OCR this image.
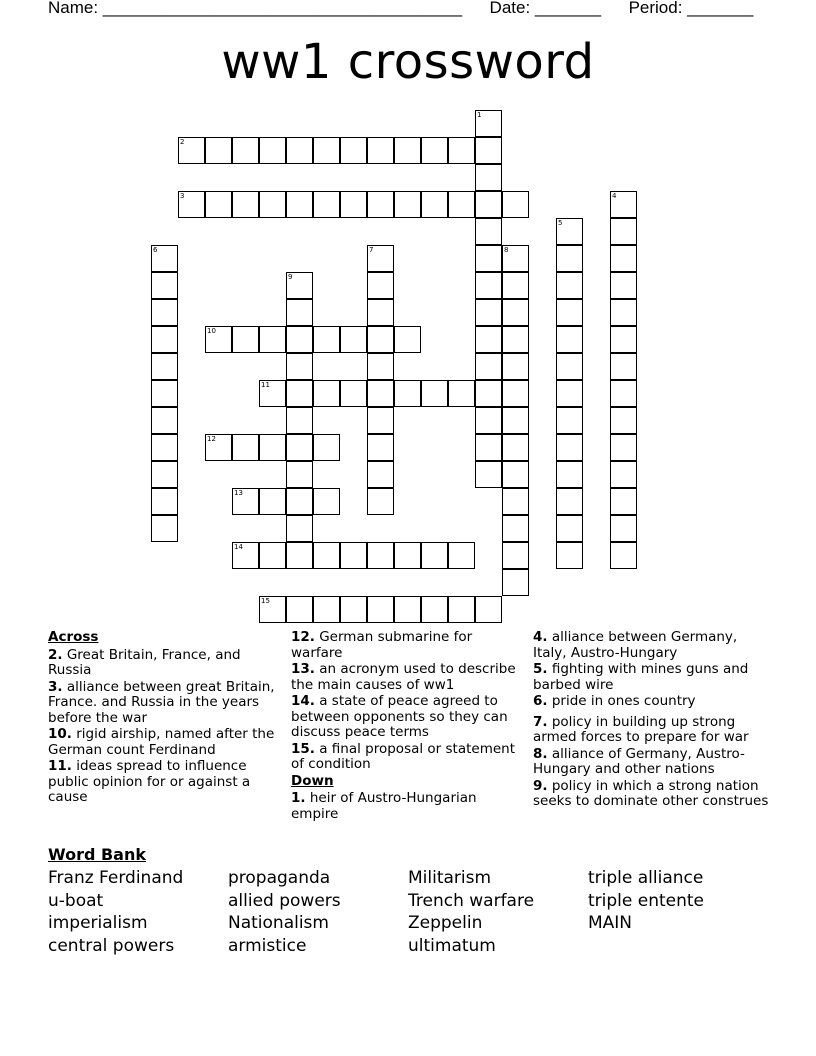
Name: ______________________________________ Date: _______ Period: _______
ww1 crossword
1
2
3	4
5
6	7	8
9
10
11
12
13
14
15
Across
2. Great Britain, France, and Russia
3. alliance between great Britain, France. and Russia in the years before the war
10. rigid airship, named after the German count Ferdinand
11. ideas spread to influence public opinion for or against a cause
12. German submarine for warfare
13. an acronym used to describe the main causes of ww1
14. a state of peace agreed to between opponents so they can discuss peace terms
15. a final proposal or statement of condition
Down
1. heir of Austro-Hungarian empire
4. alliance between Germany, Italy, Austro-Hungary
5. fighting with mines guns and barbed wire
6. pride in ones country
7. policy in building up strong armed forces to prepare for war
8. alliance of Germany, Austro-Hungary and other nations
9. policy in which a strong nation seeks to dominate other construes
Word Bank
Franz Ferdinand
u-boat
imperialism
central powers
propaganda
allied powers
Nationalism
armistice
Militarism
Trench warfare
Zeppelin
ultimatum
triple alliance
triple entente
MAIN
